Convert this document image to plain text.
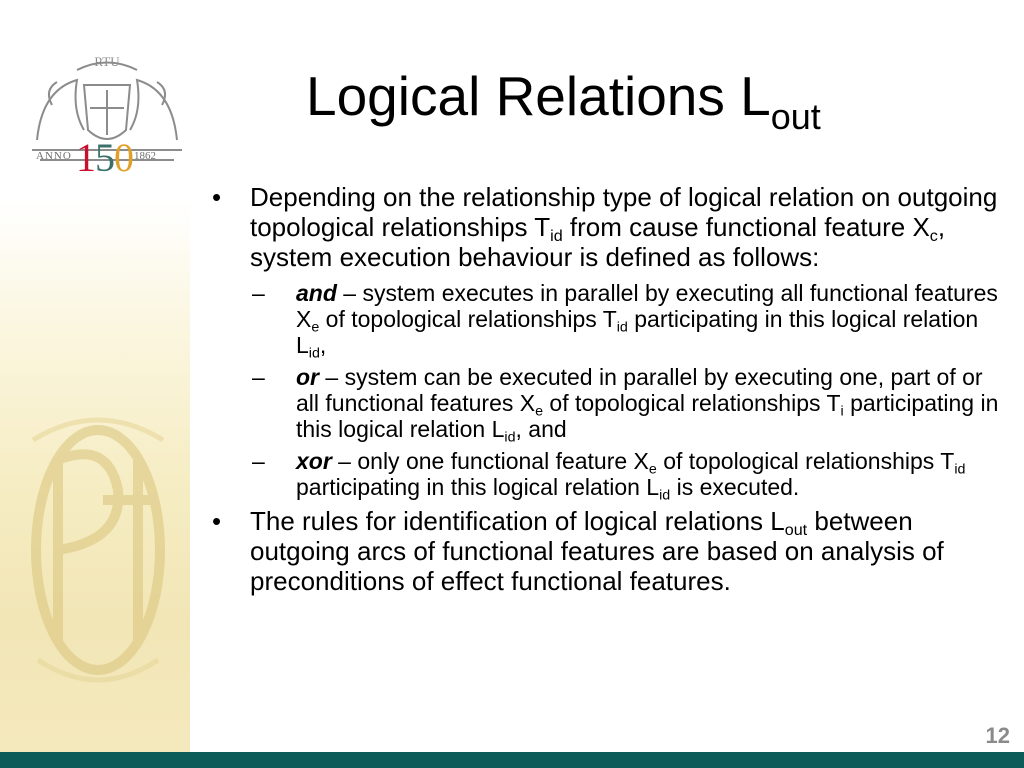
RTU
ANNO 150 1862
Logical Relations $L_{out}$
• Depending on the relationship type of logical relation on outgoing topological relationships $T_{id}$ from cause functional feature $X_c$, system execution behaviour is defined as follows:
– and – system executes in parallel by executing all functional features $X_e$ of topological relationships $T_{id}$ participating in this logical relation $L_{id}$,
– or – system can be executed in parallel by executing one, part of or all functional features $X_e$ of topological relationships $T_i$ participating in this logical relation $L_{id}$, and
– xor – only one functional feature $X_e$ of topological relationships $T_{id}$ participating in this logical relation $L_{id}$ is executed.
• The rules for identification of logical relations $L_{out}$ between outgoing arcs of functional features are based on analysis of preconditions of effect functional features.
12
